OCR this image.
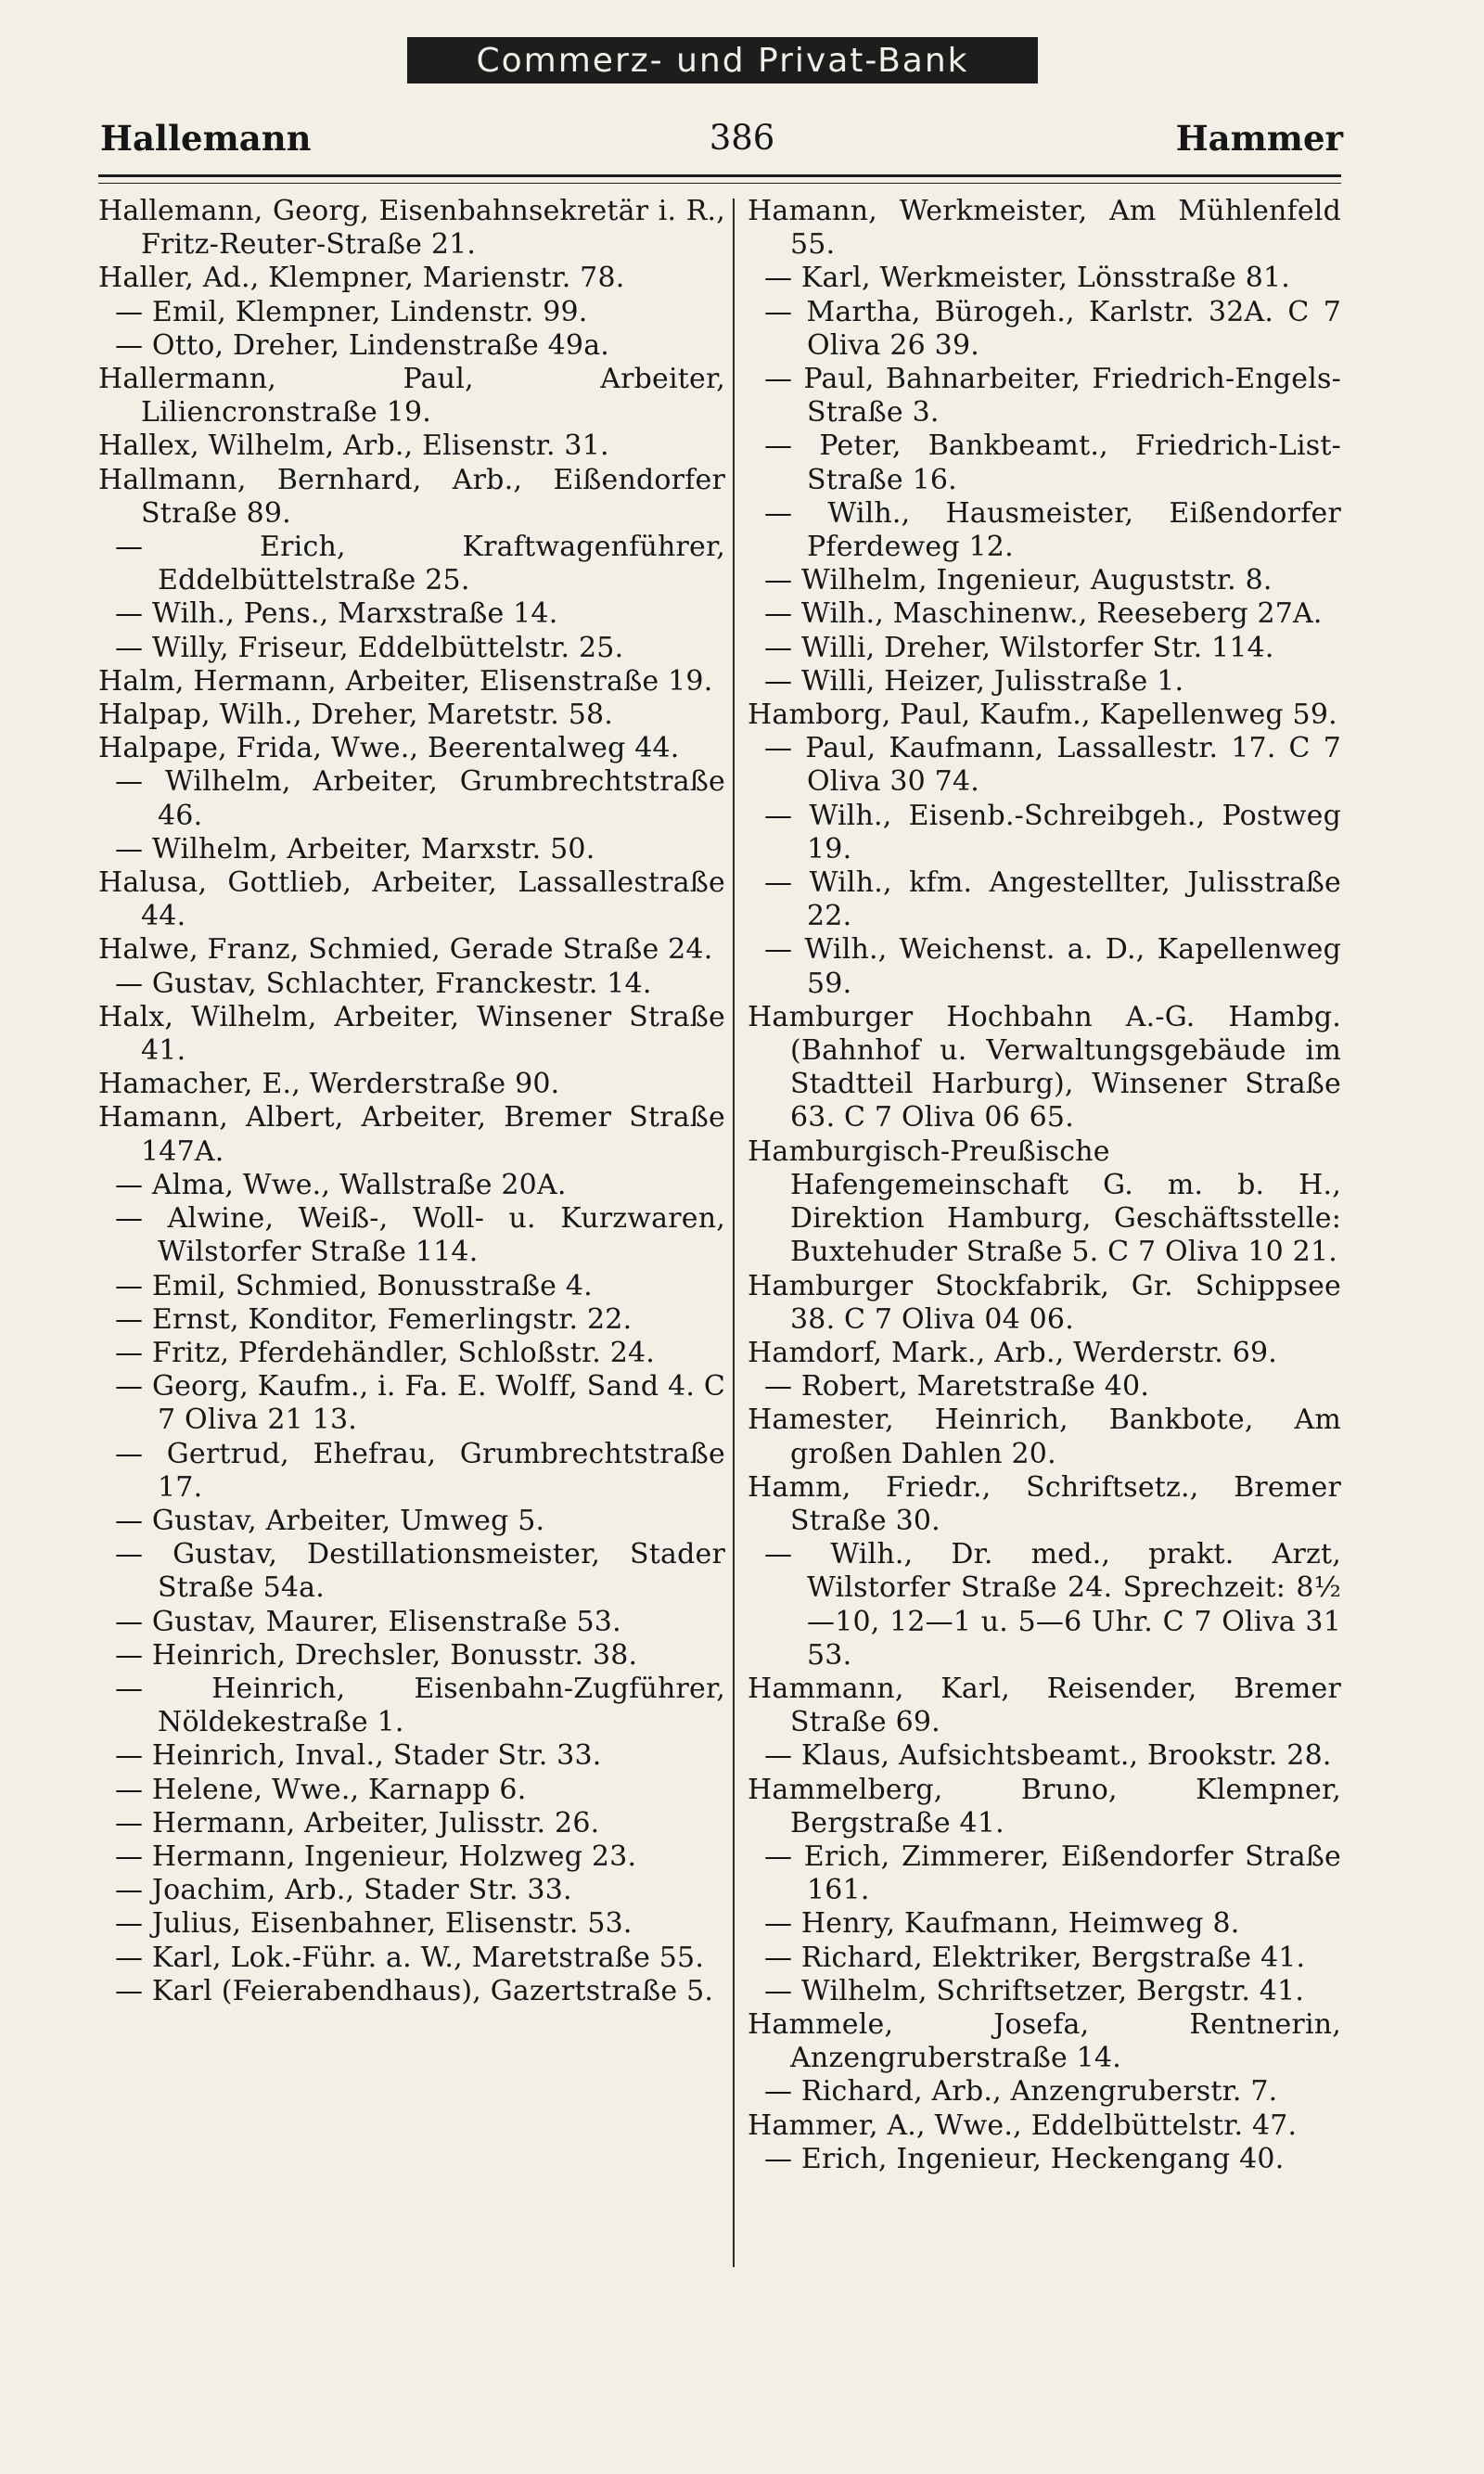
Commerz- und Privat-Bank
Hallemann	386	Hammer
Hallemann, Georg, Eisenbahnsekretär i. R., Fritz-Reuter-Straße 21.
Haller, Ad., Klempner, Marienstr. 78.
— Emil, Klempner, Lindenstr. 99.
— Otto, Dreher, Lindenstraße 49a.
Hallermann, Paul, Arbeiter, Liliencronstraße 19.
Hallex, Wilhelm, Arb., Elisenstr. 31.
Hallmann, Bernhard, Arb., Eißendorfer Straße 89.
— Erich, Kraftwagenführer, Eddelbüttelstraße 25.
— Wilh., Pens., Marxstraße 14.
— Willy, Friseur, Eddelbüttelstr. 25.
Halm, Hermann, Arbeiter, Elisenstraße 19.
Halpap, Wilh., Dreher, Maretstr. 58.
Halpape, Frida, Wwe., Beerentalweg 44.
— Wilhelm, Arbeiter, Grumbrechtstraße 46.
— Wilhelm, Arbeiter, Marxstr. 50.
Halusa, Gottlieb, Arbeiter, Lassallestraße 44.
Halwe, Franz, Schmied, Gerade Straße 24.
— Gustav, Schlachter, Franckestr. 14.
Halx, Wilhelm, Arbeiter, Winsener Straße 41.
Hamacher, E., Werderstraße 90.
Hamann, Albert, Arbeiter, Bremer Straße 147A.
— Alma, Wwe., Wallstraße 20A.
— Alwine, Weiß-, Woll- u. Kurzwaren, Wilstorfer Straße 114.
— Emil, Schmied, Bonusstraße 4.
— Ernst, Konditor, Femerlingstr. 22.
— Fritz, Pferdehändler, Schloßstr. 24.
— Georg, Kaufm., i. Fa. E. Wolff, Sand 4. C 7 Oliva 21 13.
— Gertrud, Ehefrau, Grumbrechtstraße 17.
— Gustav, Arbeiter, Umweg 5.
— Gustav, Destillationsmeister, Stader Straße 54a.
— Gustav, Maurer, Elisenstraße 53.
— Heinrich, Drechsler, Bonusstr. 38.
— Heinrich, Eisenbahn-Zugführer, Nöldekestraße 1.
— Heinrich, Inval., Stader Str. 33.
— Helene, Wwe., Karnapp 6.
— Hermann, Arbeiter, Julisstr. 26.
— Hermann, Ingenieur, Holzweg 23.
— Joachim, Arb., Stader Str. 33.
— Julius, Eisenbahner, Elisenstr. 53.
— Karl, Lok.-Führ. a. W., Maretstraße 55.
— Karl (Feierabendhaus), Gazertstraße 5.
Hamann, Werkmeister, Am Mühlenfeld 55.
— Karl, Werkmeister, Lönsstraße 81.
— Martha, Bürogeh., Karlstr. 32A. C 7 Oliva 26 39.
— Paul, Bahnarbeiter, Friedrich-Engels-Straße 3.
— Peter, Bankbeamt., Friedrich-List-Straße 16.
— Wilh., Hausmeister, Eißendorfer Pferdeweg 12.
— Wilhelm, Ingenieur, Auguststr. 8.
— Wilh., Maschinenw., Reeseberg 27A.
— Willi, Dreher, Wilstorfer Str. 114.
— Willi, Heizer, Julisstraße 1.
Hamborg, Paul, Kaufm., Kapellenweg 59.
— Paul, Kaufmann, Lassallestr. 17. C 7 Oliva 30 74.
— Wilh., Eisenb.-Schreibgeh., Postweg 19.
— Wilh., kfm. Angestellter, Julisstraße 22.
— Wilh., Weichenst. a. D., Kapellenweg 59.
Hamburger Hochbahn A.-G. Hambg. (Bahnhof u. Verwaltungsgebäude im Stadtteil Harburg), Winsener Straße 63. C 7 Oliva 06 65.
Hamburgisch-Preußische Hafengemeinschaft G. m. b. H., Direktion Hamburg, Geschäftsstelle: Buxtehuder Straße 5. C 7 Oliva 10 21.
Hamburger Stockfabrik, Gr. Schippsee 38. C 7 Oliva 04 06.
Hamdorf, Mark., Arb., Werderstr. 69.
— Robert, Maretstraße 40.
Hamester, Heinrich, Bankbote, Am großen Dahlen 20.
Hamm, Friedr., Schriftsetz., Bremer Straße 30.
— Wilh., Dr. med., prakt. Arzt, Wilstorfer Straße 24. Sprechzeit: 8½—10, 12—1 u. 5—6 Uhr. C 7 Oliva 31 53.
Hammann, Karl, Reisender, Bremer Straße 69.
— Klaus, Aufsichtsbeamt., Brookstr. 28.
Hammelberg, Bruno, Klempner, Bergstraße 41.
— Erich, Zimmerer, Eißendorfer Straße 161.
— Henry, Kaufmann, Heimweg 8.
— Richard, Elektriker, Bergstraße 41.
— Wilhelm, Schriftsetzer, Bergstr. 41.
Hammele, Josefa, Rentnerin, Anzengruberstraße 14.
— Richard, Arb., Anzengruberstr. 7.
Hammer, A., Wwe., Eddelbüttelstr. 47.
— Erich, Ingenieur, Heckengang 40.
